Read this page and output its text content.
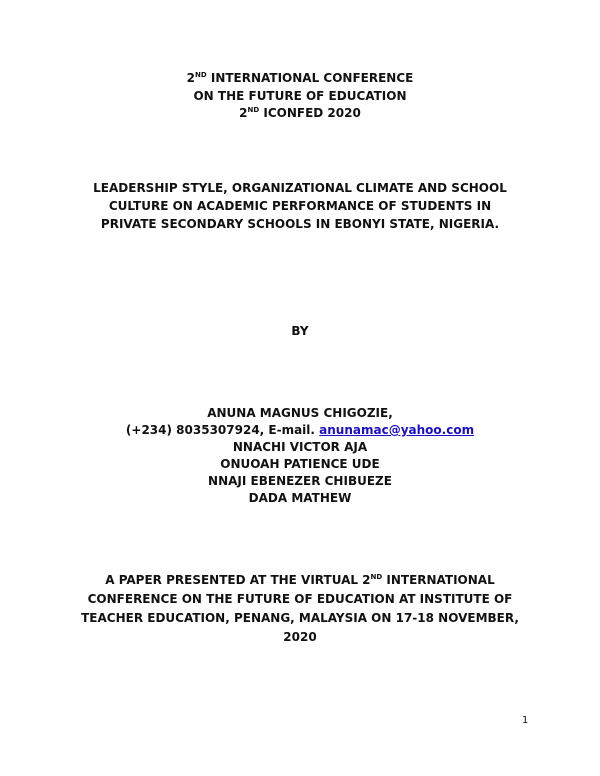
2ND INTERNATIONAL CONFERENCE
ON THE FUTURE OF EDUCATION
2ND ICONFED 2020
LEADERSHIP STYLE, ORGANIZATIONAL CLIMATE AND SCHOOL
CULTURE ON ACADEMIC PERFORMANCE OF STUDENTS IN
PRIVATE SECONDARY SCHOOLS IN EBONYI STATE, NIGERIA.
BY
ANUNA MAGNUS CHIGOZIE,
(+234) 8035307924, E-mail. anunamac@yahoo.com
NNACHI VICTOR AJA
ONUOAH PATIENCE UDE
NNAJI EBENEZER CHIBUEZE
DADA MATHEW
A PAPER PRESENTED AT THE VIRTUAL 2ND INTERNATIONAL
CONFERENCE ON THE FUTURE OF EDUCATION AT INSTITUTE OF
TEACHER EDUCATION, PENANG, MALAYSIA ON 17-18 NOVEMBER,
2020
1
